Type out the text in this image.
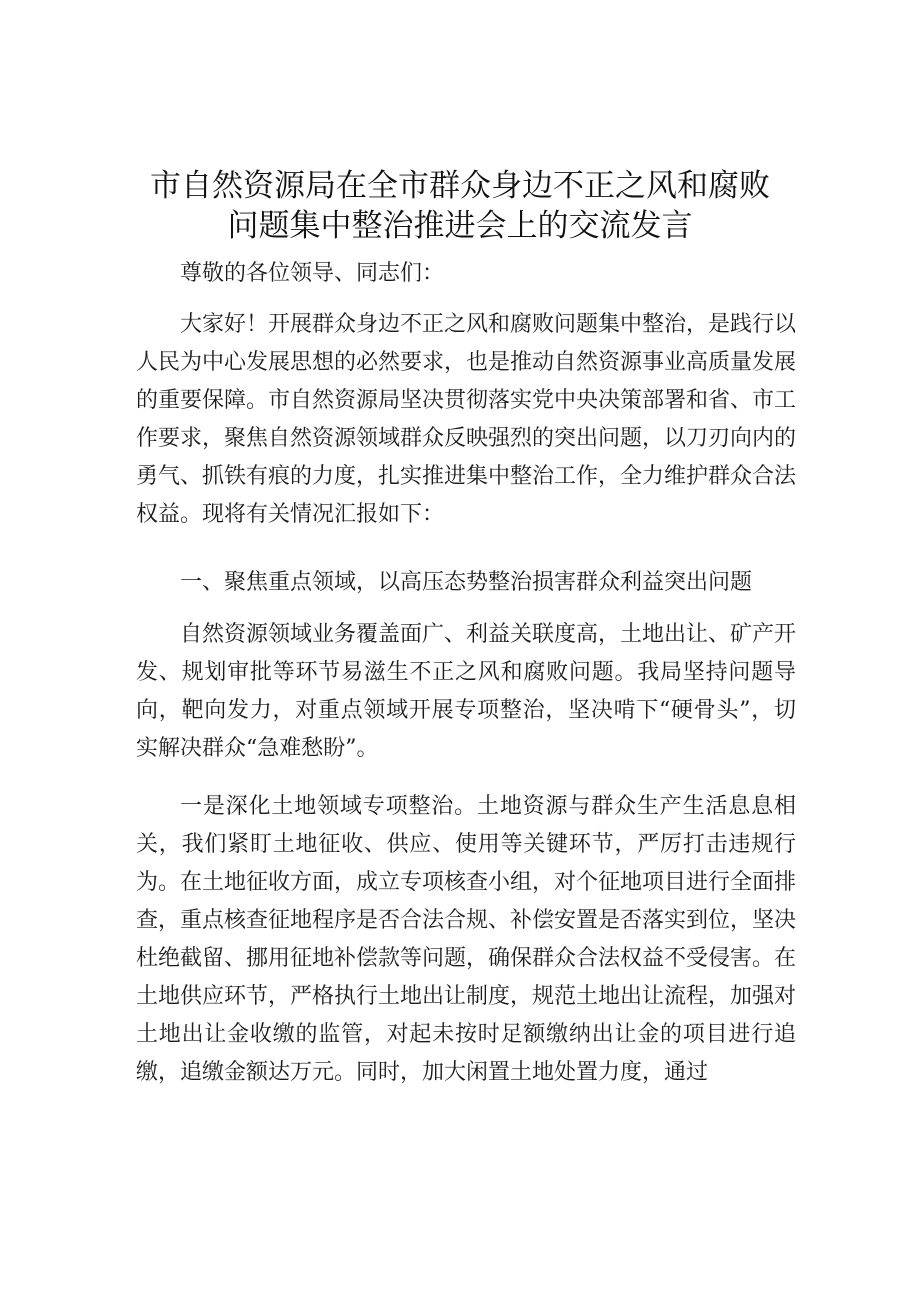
市自然资源局在全市群众身边不正之风和腐败
问题集中整治推进会上的交流发言
尊敬的各位领导、同志们：
大家好！开展群众身边不正之风和腐败问题集中整治，是践行以人民为中心发展思想的必然要求，也是推动自然资源事业高质量发展的重要保障。市自然资源局坚决贯彻落实党中央决策部署和省、市工作要求，聚焦自然资源领域群众反映强烈的突出问题，以刀刃向内的勇气、抓铁有痕的力度，扎实推进集中整治工作，全力维护群众合法权益。现将有关情况汇报如下：
一、聚焦重点领域，以高压态势整治损害群众利益突出问题
自然资源领域业务覆盖面广、利益关联度高，土地出让、矿产开发、规划审批等环节易滋生不正之风和腐败问题。我局坚持问题导向，靶向发力，对重点领域开展专项整治，坚决啃下“硬骨头”，切实解决群众“急难愁盼”。
一是深化土地领域专项整治。土地资源与群众生产生活息息相关，我们紧盯土地征收、供应、使用等关键环节，严厉打击违规行为。在土地征收方面，成立专项核查小组，对个征地项目进行全面排查，重点核查征地程序是否合法合规、补偿安置是否落实到位，坚决杜绝截留、挪用征地补偿款等问题，确保群众合法权益不受侵害。在土地供应环节，严格执行土地出让制度，规范土地出让流程，加强对土地出让金收缴的监管，对起未按时足额缴纳出让金的项目进行追缴，追缴金额达万元。同时，加大闲置土地处置力度，通过
